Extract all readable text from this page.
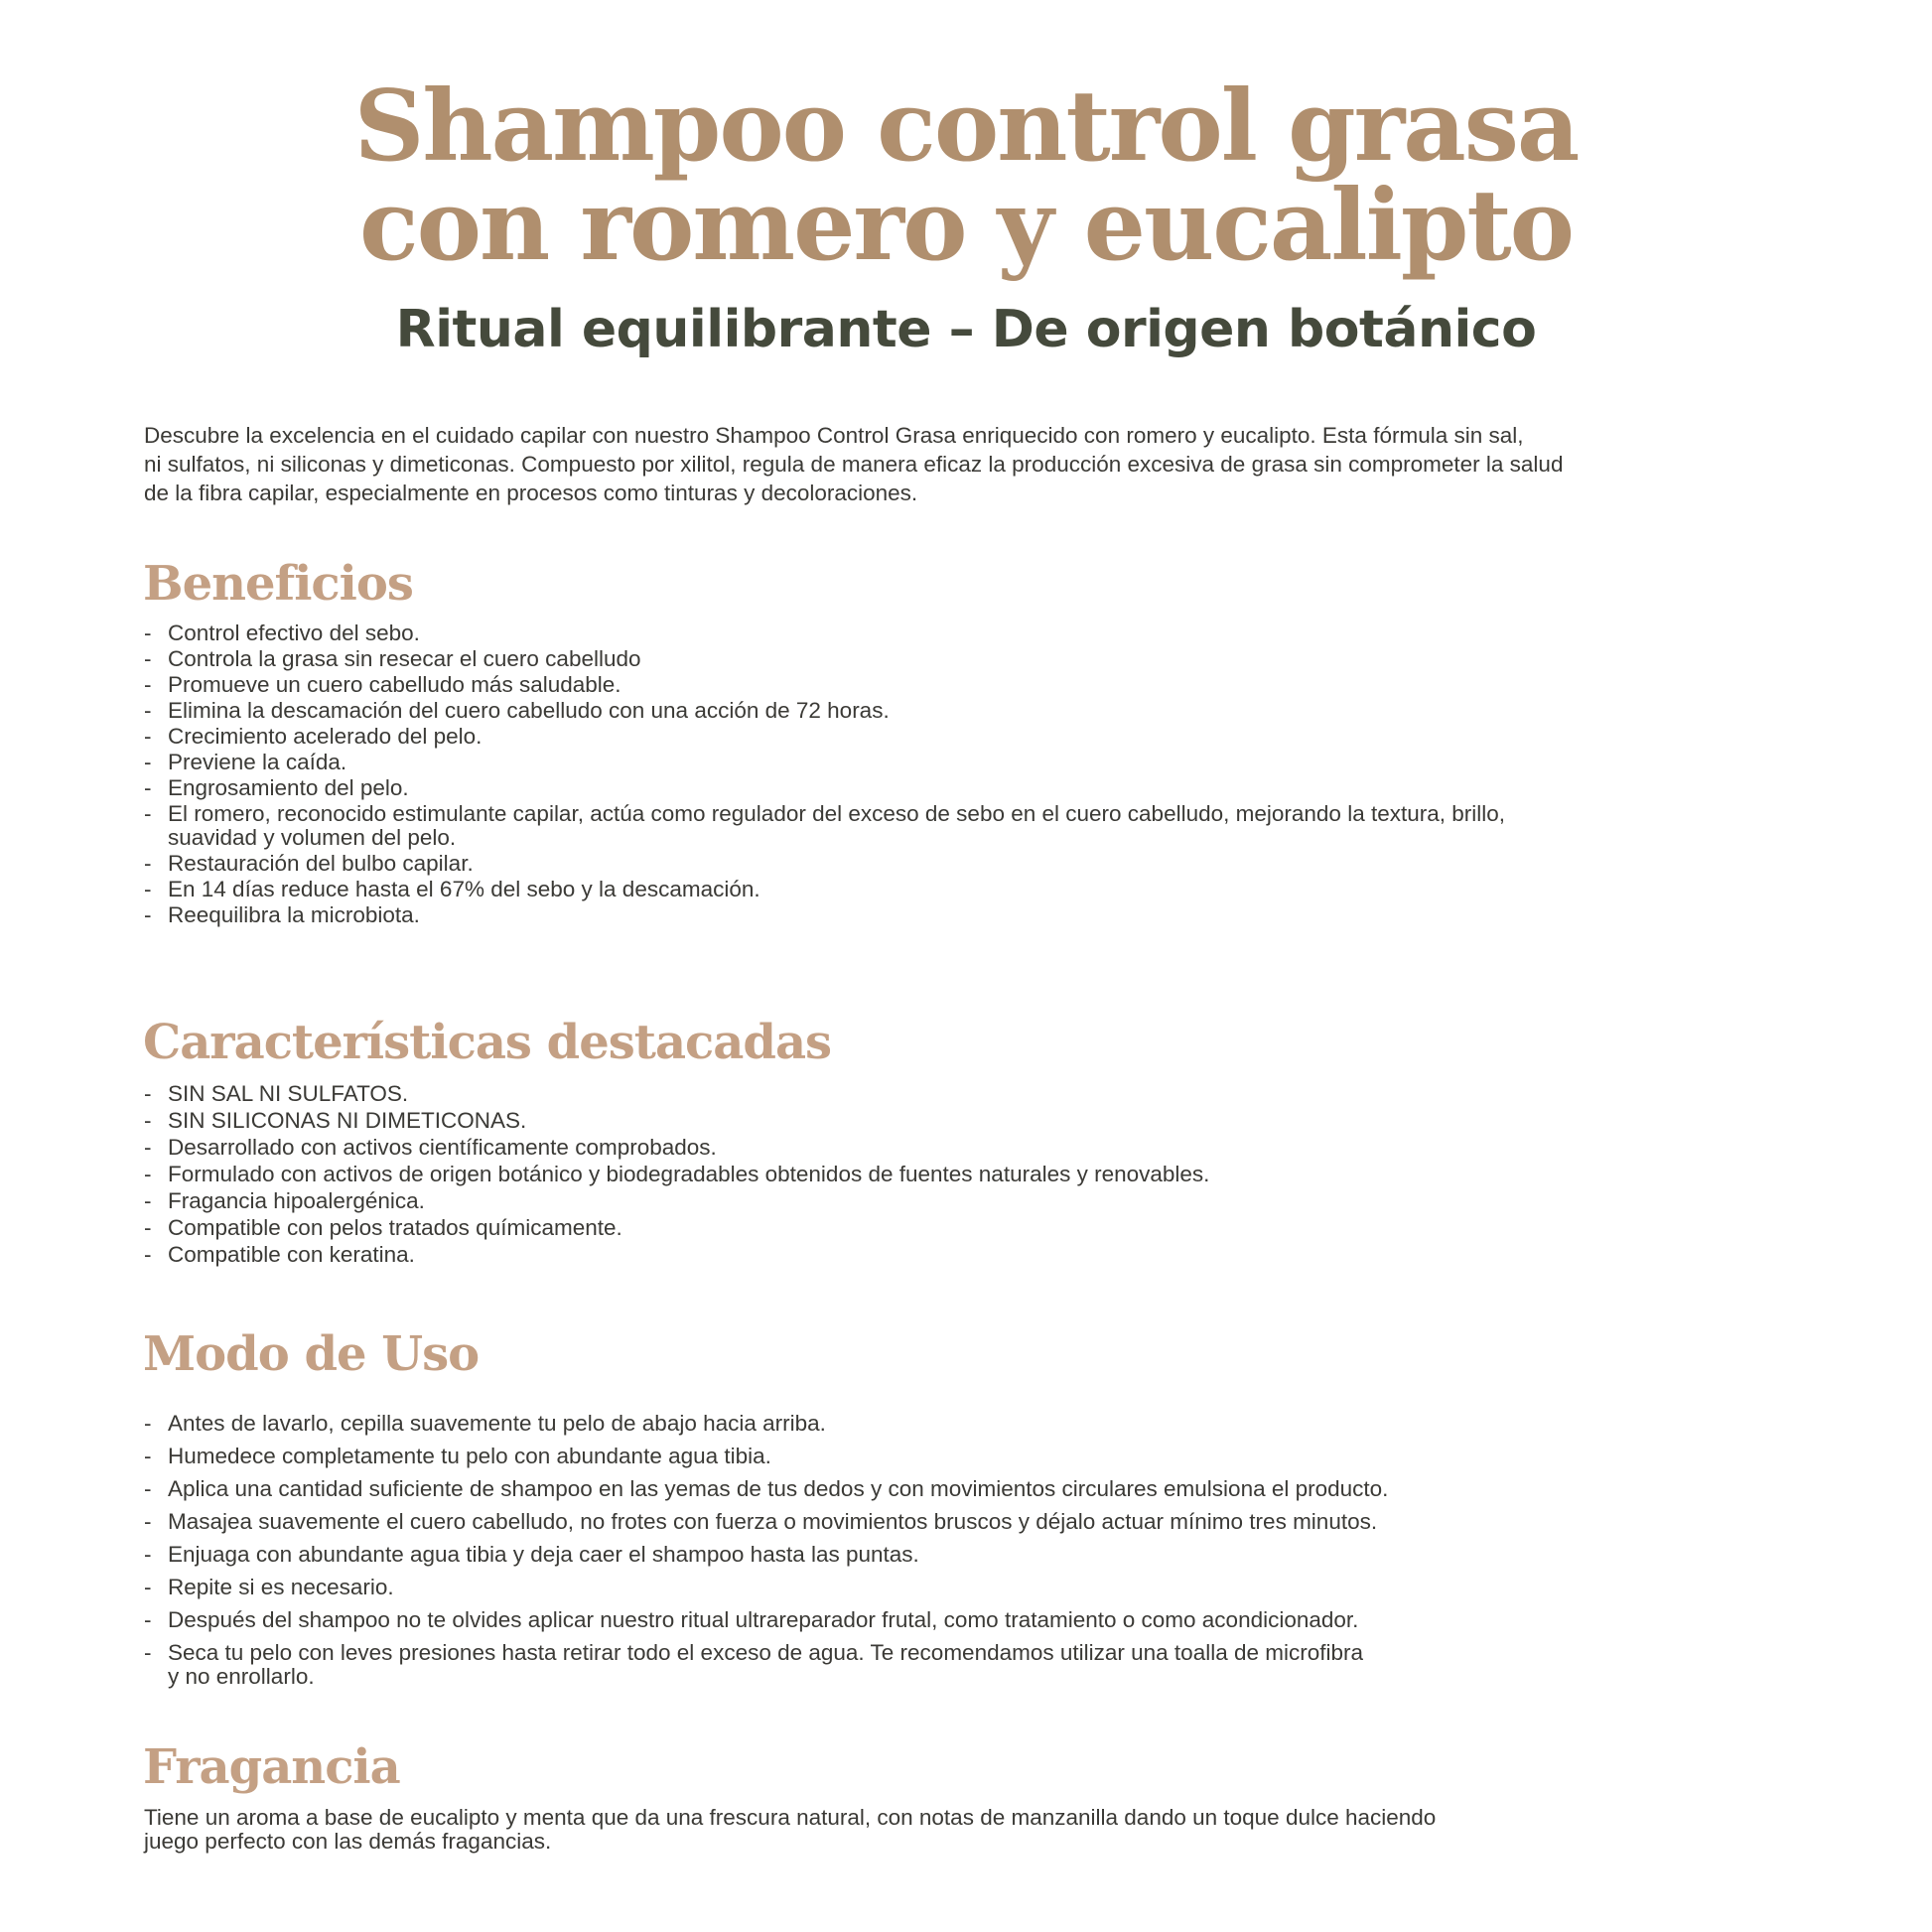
Shampoo control grasa
con romero y eucalipto
Ritual equilibrante – De origen botánico
Descubre la excelencia en el cuidado capilar con nuestro Shampoo Control Grasa enriquecido con romero y eucalipto. Esta fórmula sin sal,
ni sulfatos, ni siliconas y dimeticonas. Compuesto por xilitol, regula de manera eficaz la producción excesiva de grasa sin comprometer la salud
de la fibra capilar, especialmente en procesos como tinturas y decoloraciones.
Beneficios
- Control efectivo del sebo.
- Controla la grasa sin resecar el cuero cabelludo
- Promueve un cuero cabelludo más saludable.
- Elimina la descamación del cuero cabelludo con una acción de 72 horas.
- Crecimiento acelerado del pelo.
- Previene la caída.
- Engrosamiento del pelo.
- El romero, reconocido estimulante capilar, actúa como regulador del exceso de sebo en el cuero cabelludo, mejorando la textura, brillo,
suavidad y volumen del pelo.
- Restauración del bulbo capilar.
- En 14 días reduce hasta el 67% del sebo y la descamación.
- Reequilibra la microbiota.
Características destacadas
- SIN SAL NI SULFATOS.
- SIN SILICONAS NI DIMETICONAS.
- Desarrollado con activos científicamente comprobados.
- Formulado con activos de origen botánico y biodegradables obtenidos de fuentes naturales y renovables.
- Fragancia hipoalergénica.
- Compatible con pelos tratados químicamente.
- Compatible con keratina.
Modo de Uso
- Antes de lavarlo, cepilla suavemente tu pelo de abajo hacia arriba.
- Humedece completamente tu pelo con abundante agua tibia.
- Aplica una cantidad suficiente de shampoo en las yemas de tus dedos y con movimientos circulares emulsiona el producto.
- Masajea suavemente el cuero cabelludo, no frotes con fuerza o movimientos bruscos y déjalo actuar mínimo tres minutos.
- Enjuaga con abundante agua tibia y deja caer el shampoo hasta las puntas.
- Repite si es necesario.
- Después del shampoo no te olvides aplicar nuestro ritual ultrareparador frutal, como tratamiento o como acondicionador.
- Seca tu pelo con leves presiones hasta retirar todo el exceso de agua. Te recomendamos utilizar una toalla de microfibra
y no enrollarlo.
Fragancia
Tiene un aroma a base de eucalipto y menta que da una frescura natural, con notas de manzanilla dando un toque dulce haciendo
juego perfecto con las demás fragancias.
